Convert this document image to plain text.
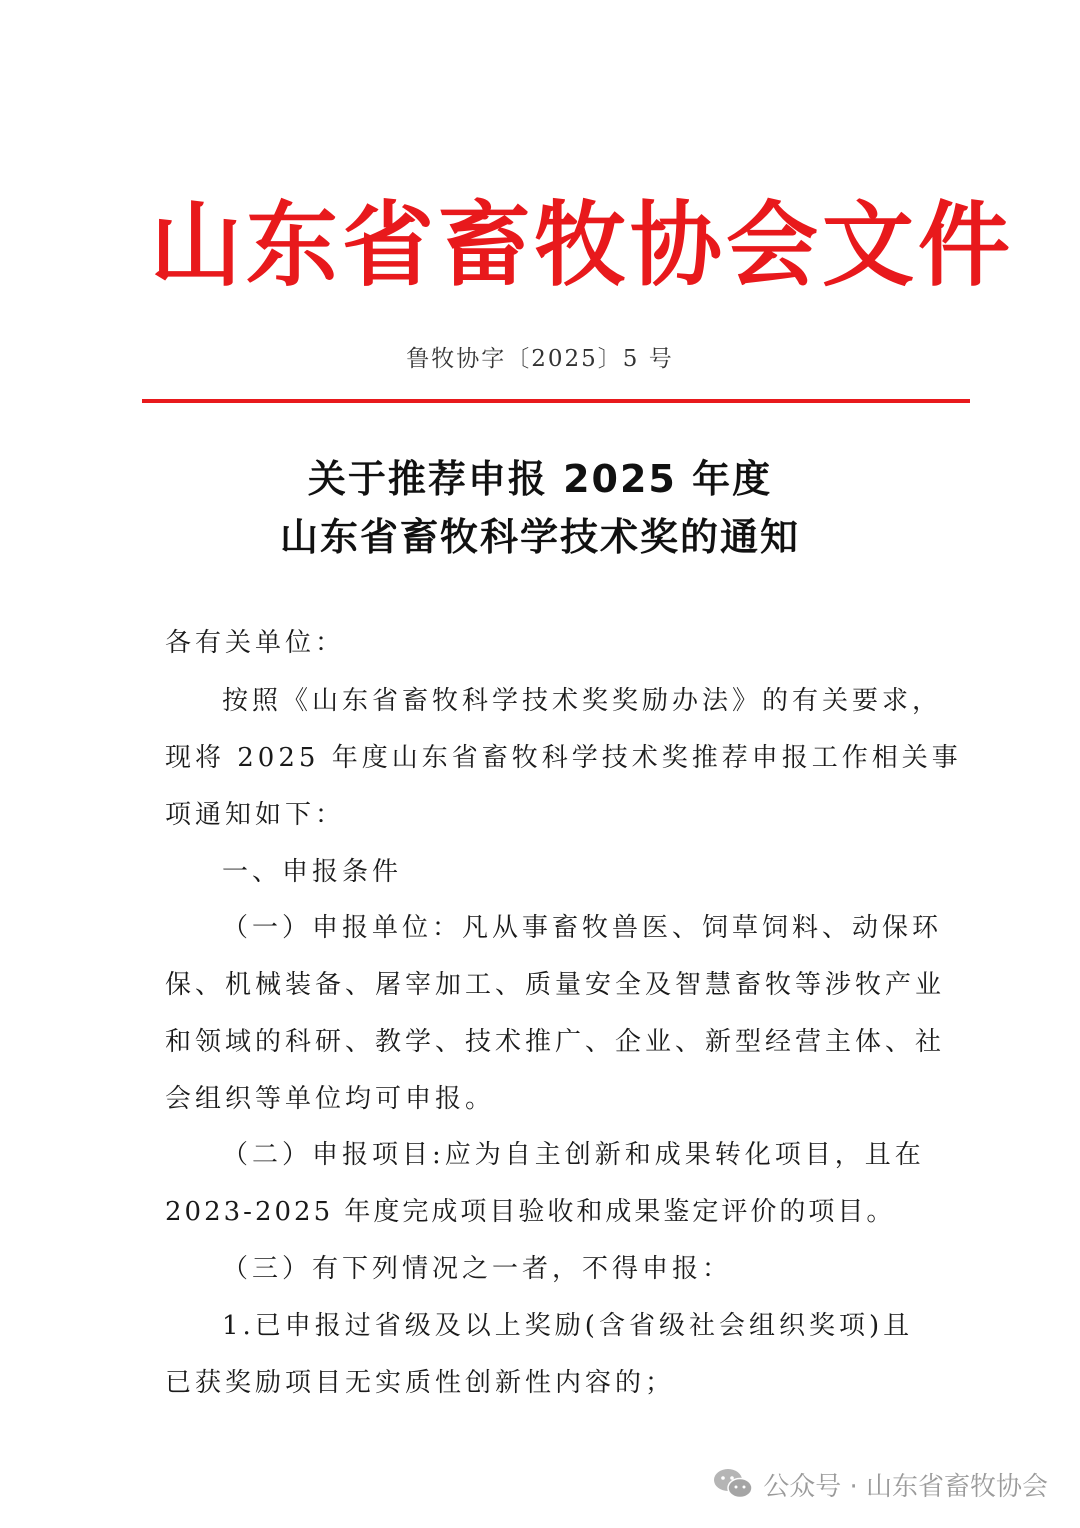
山东省畜牧协会文件
鲁牧协字〔2025〕5 号
关于推荐申报 2025 年度
山东省畜牧科学技术奖的通知
各有关单位：
按照《山东省畜牧科学技术奖奖励办法》的有关要求，
现将 2025 年度山东省畜牧科学技术奖推荐申报工作相关事
项通知如下：
一、申报条件
（一）申报单位：凡从事畜牧兽医、饲草饲料、动保环
保、机械装备、屠宰加工、质量安全及智慧畜牧等涉牧产业
和领域的科研、教学、技术推广、企业、新型经营主体、社
会组织等单位均可申报。
（二）申报项目:应为自主创新和成果转化项目，且在
2023-2025 年度完成项目验收和成果鉴定评价的项目。
（三）有下列情况之一者，不得申报：
1.已申报过省级及以上奖励(含省级社会组织奖项)且
已获奖励项目无实质性创新性内容的；
公众号 · 山东省畜牧协会
